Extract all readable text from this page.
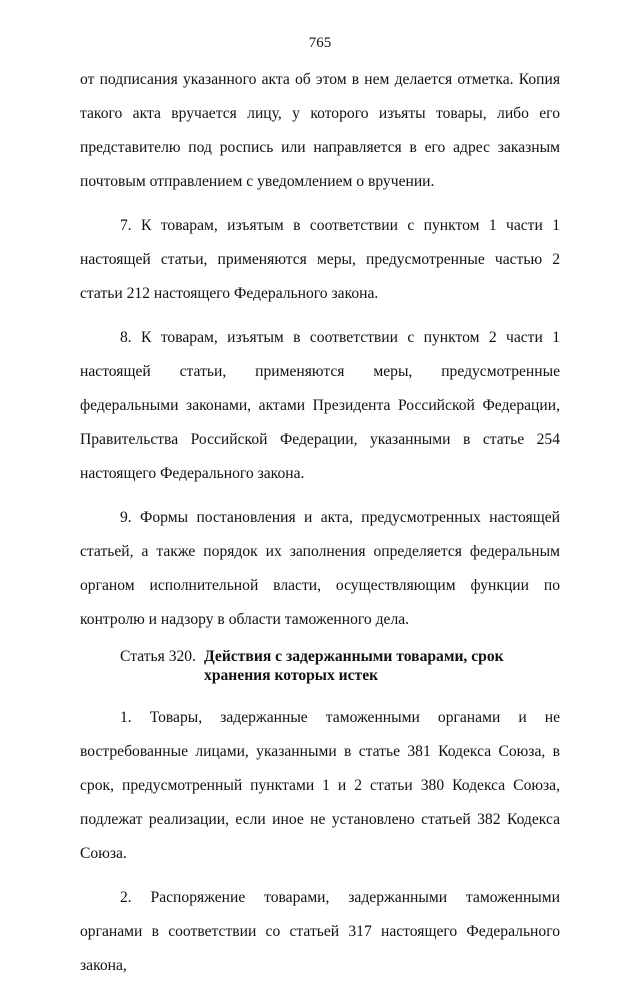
765

от подписания указанного акта об этом в нем делается отметка. Копия такого акта вручается лицу, у которого изъяты товары, либо его представителю под роспись или направляется в его адрес заказным почтовым отправлением с уведомлением о вручении.

7. К товарам, изъятым в соответствии с пунктом 1 части 1 настоящей статьи, применяются меры, предусмотренные частью 2 статьи 212 настоящего Федерального закона.

8. К товарам, изъятым в соответствии с пунктом 2 части 1 настоящей статьи, применяются меры, предусмотренные федеральными законами, актами Президента Российской Федерации, Правительства Российской Федерации, указанными в статье 254 настоящего Федерального закона.

9. Формы постановления и акта, предусмотренных настоящей статьей, а также порядок их заполнения определяется федеральным органом исполнительной власти, осуществляющим функции по контролю и надзору в области таможенного дела.

Статья 320. Действия с задержанными товарами, срок хранения которых истек

1. Товары, задержанные таможенными органами и не востребованные лицами, указанными в статье 381 Кодекса Союза, в срок, предусмотренный пунктами 1 и 2 статьи 380 Кодекса Союза, подлежат реализации, если иное не установлено статьей 382 Кодекса Союза.

2. Распоряжение товарами, задержанными таможенными органами в соответствии со статьей 317 настоящего Федерального закона,
